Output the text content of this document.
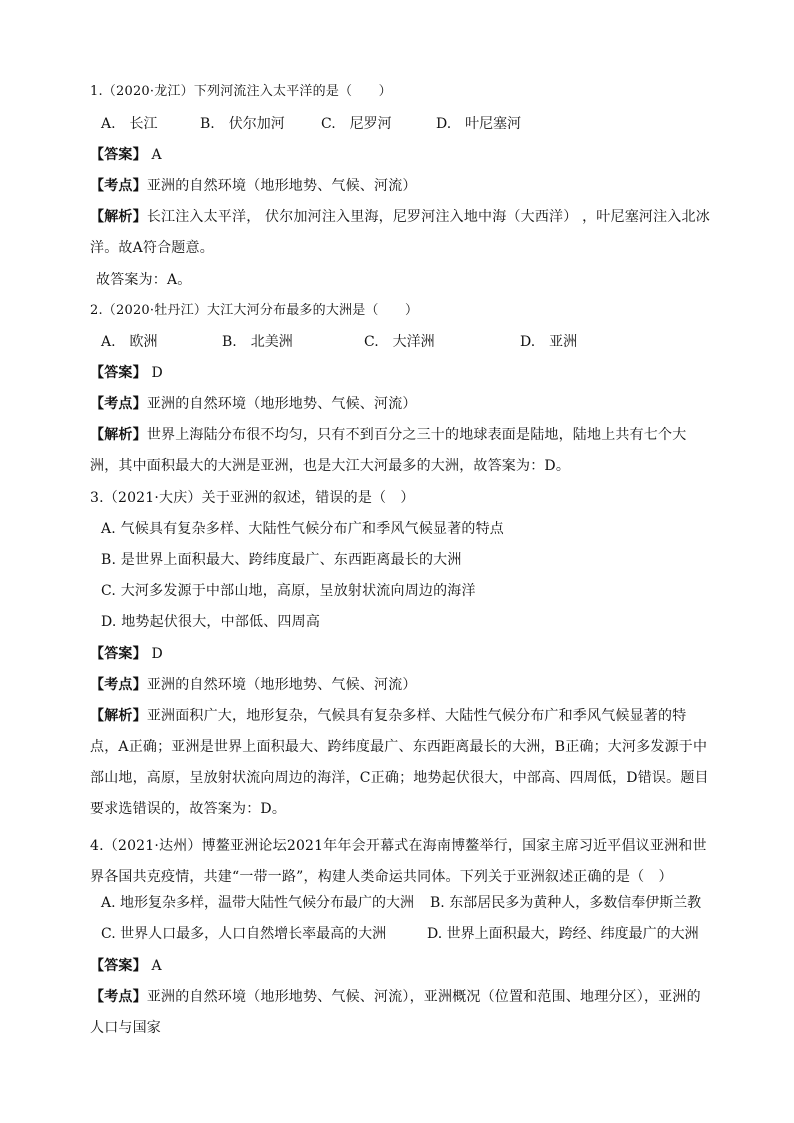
1.（2020·龙江）下列河流注入太平洋的是（　　）
A.　长江	B.　伏尔加河	C.　尼罗河	D.　叶尼塞河
【答案】 A
【考点】亚洲的自然环境（地形地势、气候、河流）
【解析】长江注入太平洋， 伏尔加河注入里海，尼罗河注入地中海（大西洋） ，叶尼塞河注入北冰洋。故A符合题意。
故答案为：A。
2.（2020·牡丹江）大江大河分布最多的大洲是（　　）
A.　欧洲	B.　北美洲	C.　大洋洲	D.　亚洲
【答案】 D
【考点】亚洲的自然环境（地形地势、气候、河流）
【解析】世界上海陆分布很不均匀，只有不到百分之三十的地球表面是陆地，陆地上共有七个大洲，其中面积最大的大洲是亚洲，也是大江大河最多的大洲，故答案为：D。
3.（2021·大庆）关于亚洲的叙述，错误的是（　）
A. 气候具有复杂多样、大陆性气候分布广和季风气候显著的特点
B. 是世界上面积最大、跨纬度最广、东西距离最长的大洲
C. 大河多发源于中部山地，高原，呈放射状流向周边的海洋
D. 地势起伏很大，中部低、四周高
【答案】 D
【考点】亚洲的自然环境（地形地势、气候、河流）
【解析】亚洲面积广大，地形复杂，气候具有复杂多样、大陆性气候分布广和季风气候显著的特点，A正确；亚洲是世界上面积最大、跨纬度最广、东西距离最长的大洲，B正确；大河多发源于中部山地，高原，呈放射状流向周边的海洋，C正确；地势起伏很大，中部高、四周低，D错误。题目要求选错误的，故答案为：D。
4.（2021·达州）博鳌亚洲论坛2021年年会开幕式在海南博鳌举行，国家主席习近平倡议亚洲和世界各国共克疫情，共建“一带一路”，构建人类命运共同体。下列关于亚洲叙述正确的是（　）
A. 地形复杂多样，温带大陆性气候分布最广的大洲 B. 东部居民多为黄种人，多数信奉伊斯兰教
C. 世界人口最多，人口自然增长率最高的大洲	D. 世界上面积最大，跨经、纬度最广的大洲
【答案】 A
【考点】亚洲的自然环境（地形地势、气候、河流），亚洲概况（位置和范围、地理分区），亚洲的人口与国家
